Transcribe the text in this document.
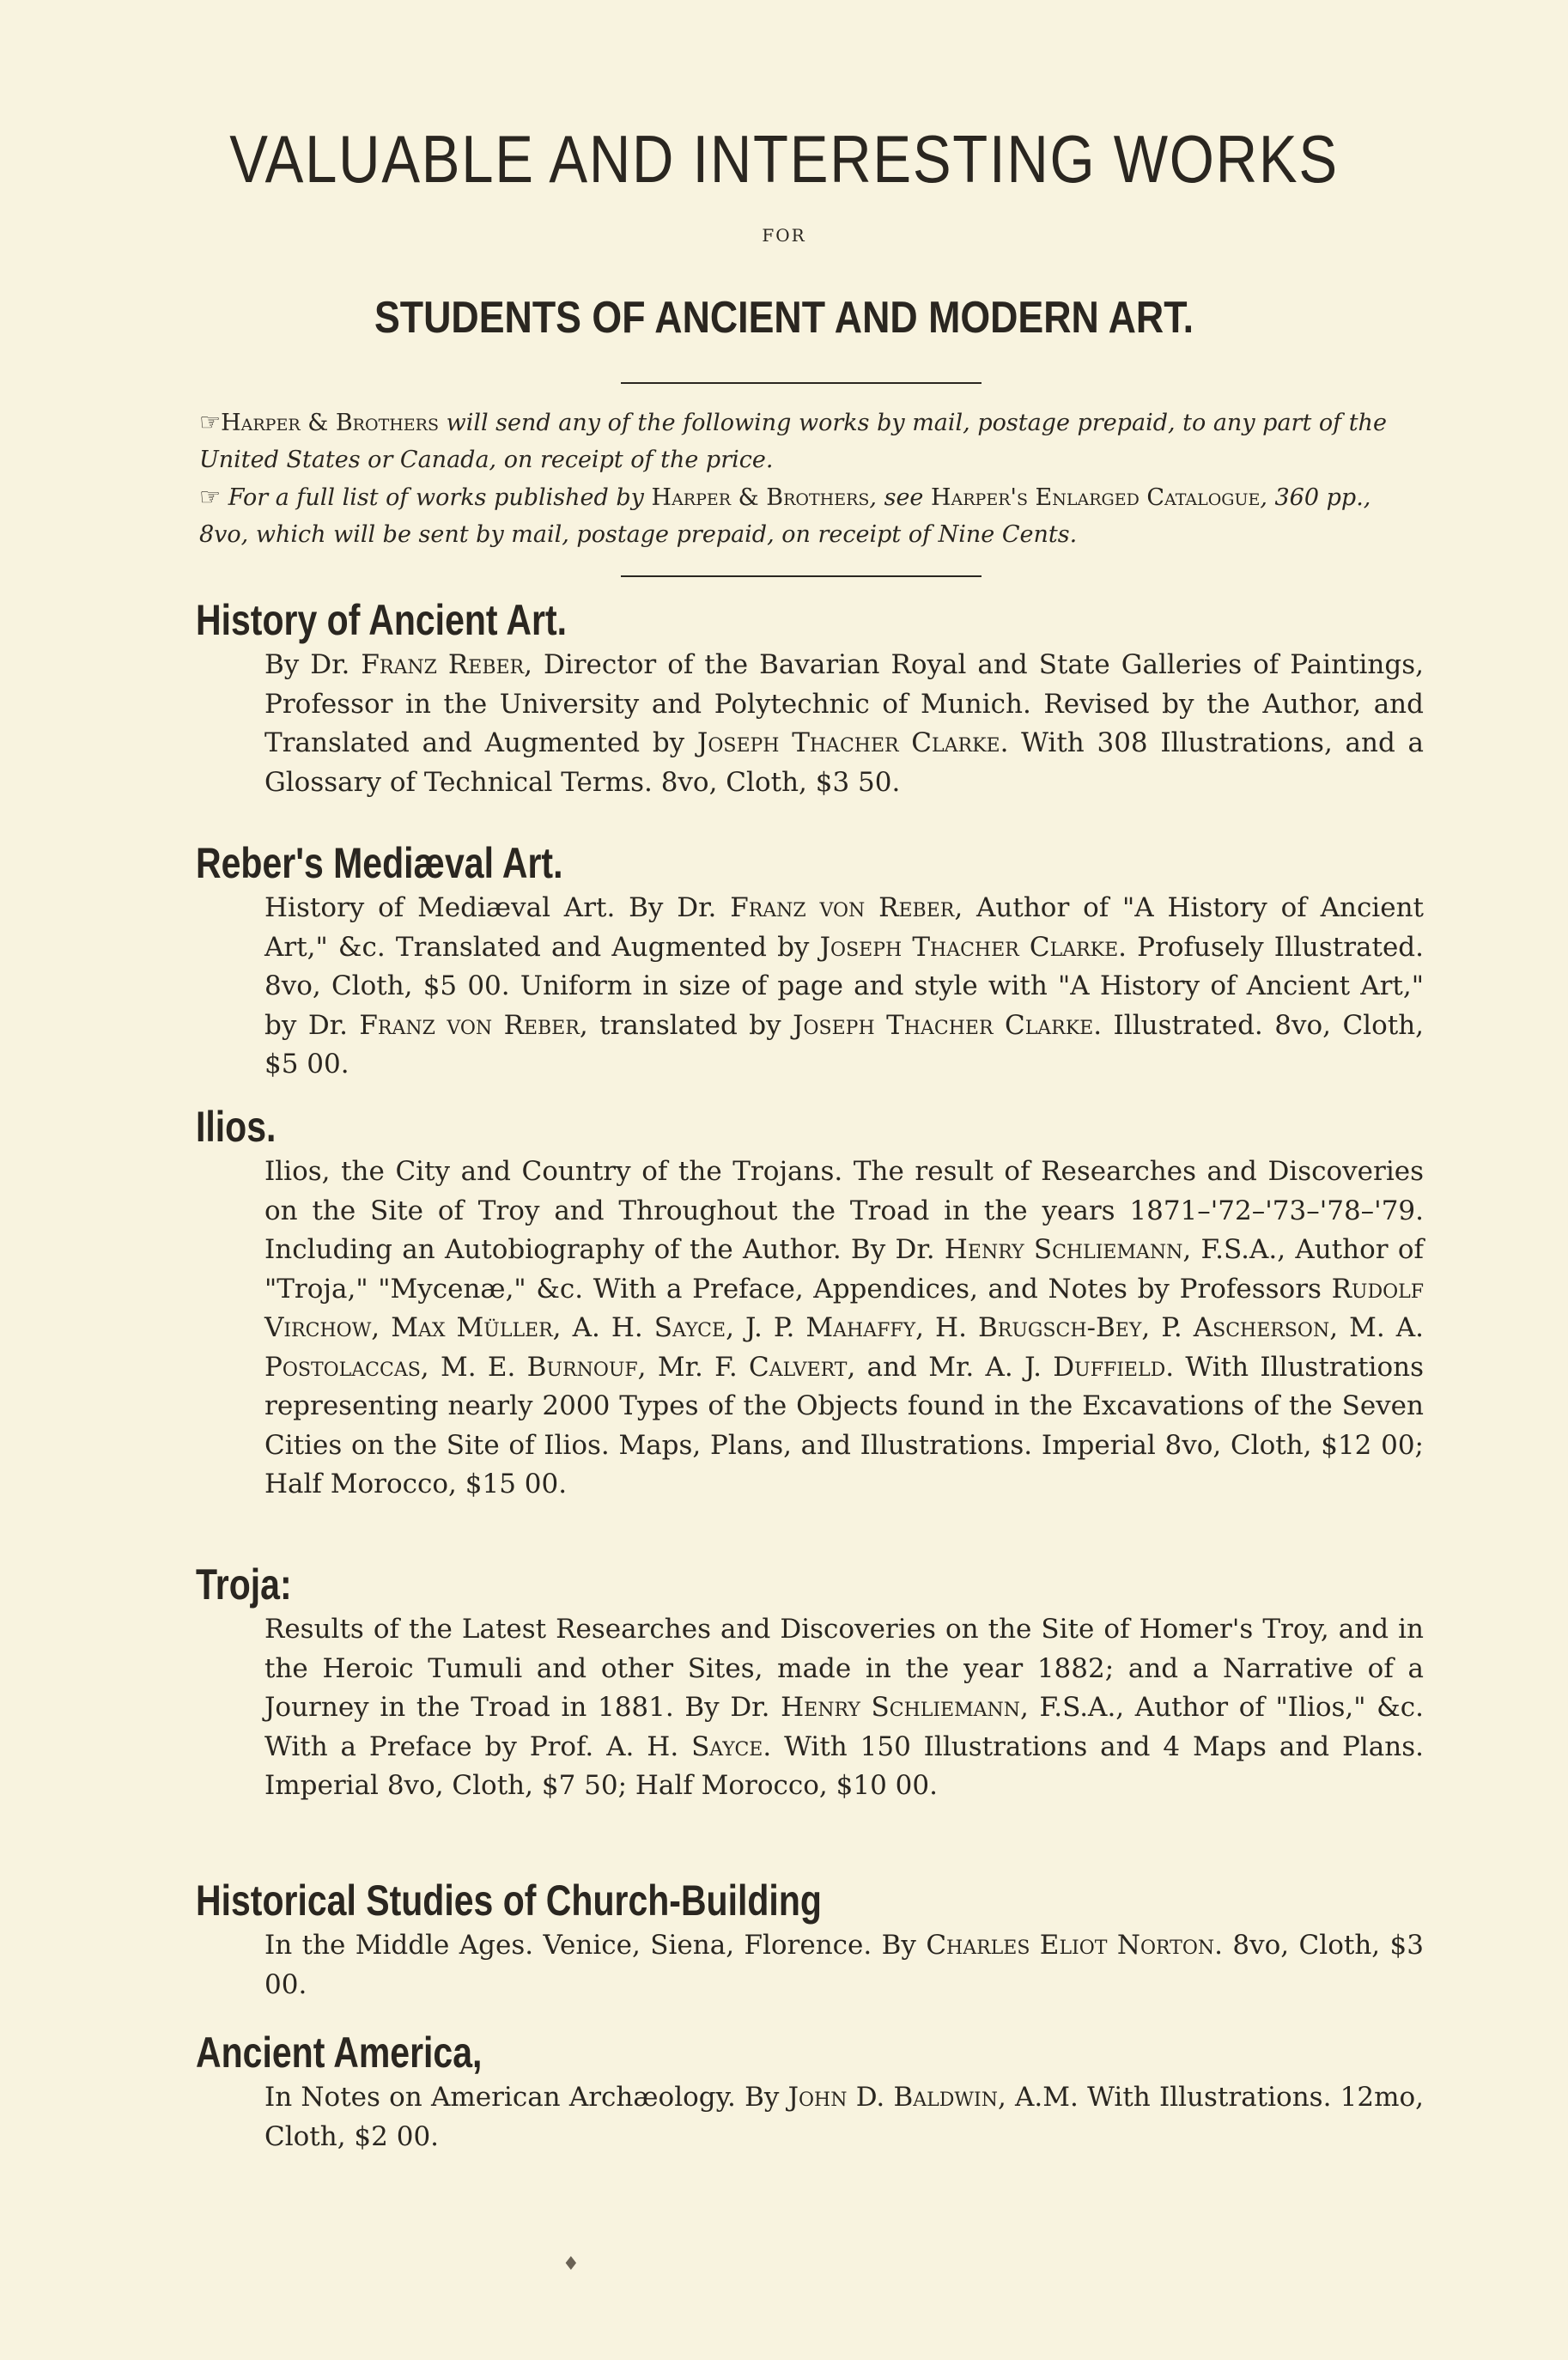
VALUABLE AND INTERESTING WORKS
FOR
STUDENTS OF ANCIENT AND MODERN ART.

☞Harper & Brothers will send any of the following works by mail, postage prepaid, to any part of the United States or Canada, on receipt of the price.

☞ For a full list of works published by Harper & Brothers, see Harper's Enlarged Catalogue, 360 pp., 8vo, which will be sent by mail, postage prepaid, on receipt of Nine Cents.

History of Ancient Art.

By Dr. Franz Reber, Director of the Bavarian Royal and State Galleries of Paintings, Professor in the University and Polytechnic of Munich. Revised by the Author, and Translated and Augmented by Joseph Thacher Clarke. With 308 Illustrations, and a Glossary of Technical Terms. 8vo, Cloth, $3 50.

Reber's Mediæval Art.

History of Mediæval Art. By Dr. Franz von Reber, Author of "A History of Ancient Art," &c. Translated and Augmented by Joseph Thacher Clarke. Profusely Illustrated. 8vo, Cloth, $5 00. Uniform in size of page and style with "A History of Ancient Art," by Dr. Franz von Reber, translated by Joseph Thacher Clarke. Illustrated. 8vo, Cloth, $5 00.

Ilios.

Ilios, the City and Country of the Trojans. The result of Researches and Discoveries on the Site of Troy and Throughout the Troad in the years 1871–'72–'73–'78–'79. Including an Autobiography of the Author. By Dr. Henry Schliemann, F.S.A., Author of "Troja," "Mycenæ," &c. With a Preface, Appendices, and Notes by Professors Rudolf Virchow, Max Müller, A. H. Sayce, J. P. Mahaffy, H. Brugsch-Bey, P. Ascherson, M. A. Postolaccas, M. E. Burnouf, Mr. F. Calvert, and Mr. A. J. Duffield. With Illustrations representing nearly 2000 Types of the Objects found in the Excavations of the Seven Cities on the Site of Ilios. Maps, Plans, and Illustrations. Imperial 8vo, Cloth, $12 00; Half Morocco, $15 00.

Troja:

Results of the Latest Researches and Discoveries on the Site of Homer's Troy, and in the Heroic Tumuli and other Sites, made in the year 1882; and a Narrative of a Journey in the Troad in 1881. By Dr. Henry Schliemann, F.S.A., Author of "Ilios," &c. With a Preface by Prof. A. H. Sayce. With 150 Illustrations and 4 Maps and Plans. Imperial 8vo, Cloth, $7 50; Half Morocco, $10 00.

Historical Studies of Church-Building

In the Middle Ages. Venice, Siena, Florence. By Charles Eliot Norton. 8vo, Cloth, $3 00.

Ancient America,

In Notes on American Archæology. By John D. Baldwin, A.M. With Illustrations. 12mo, Cloth, $2 00.

♦
